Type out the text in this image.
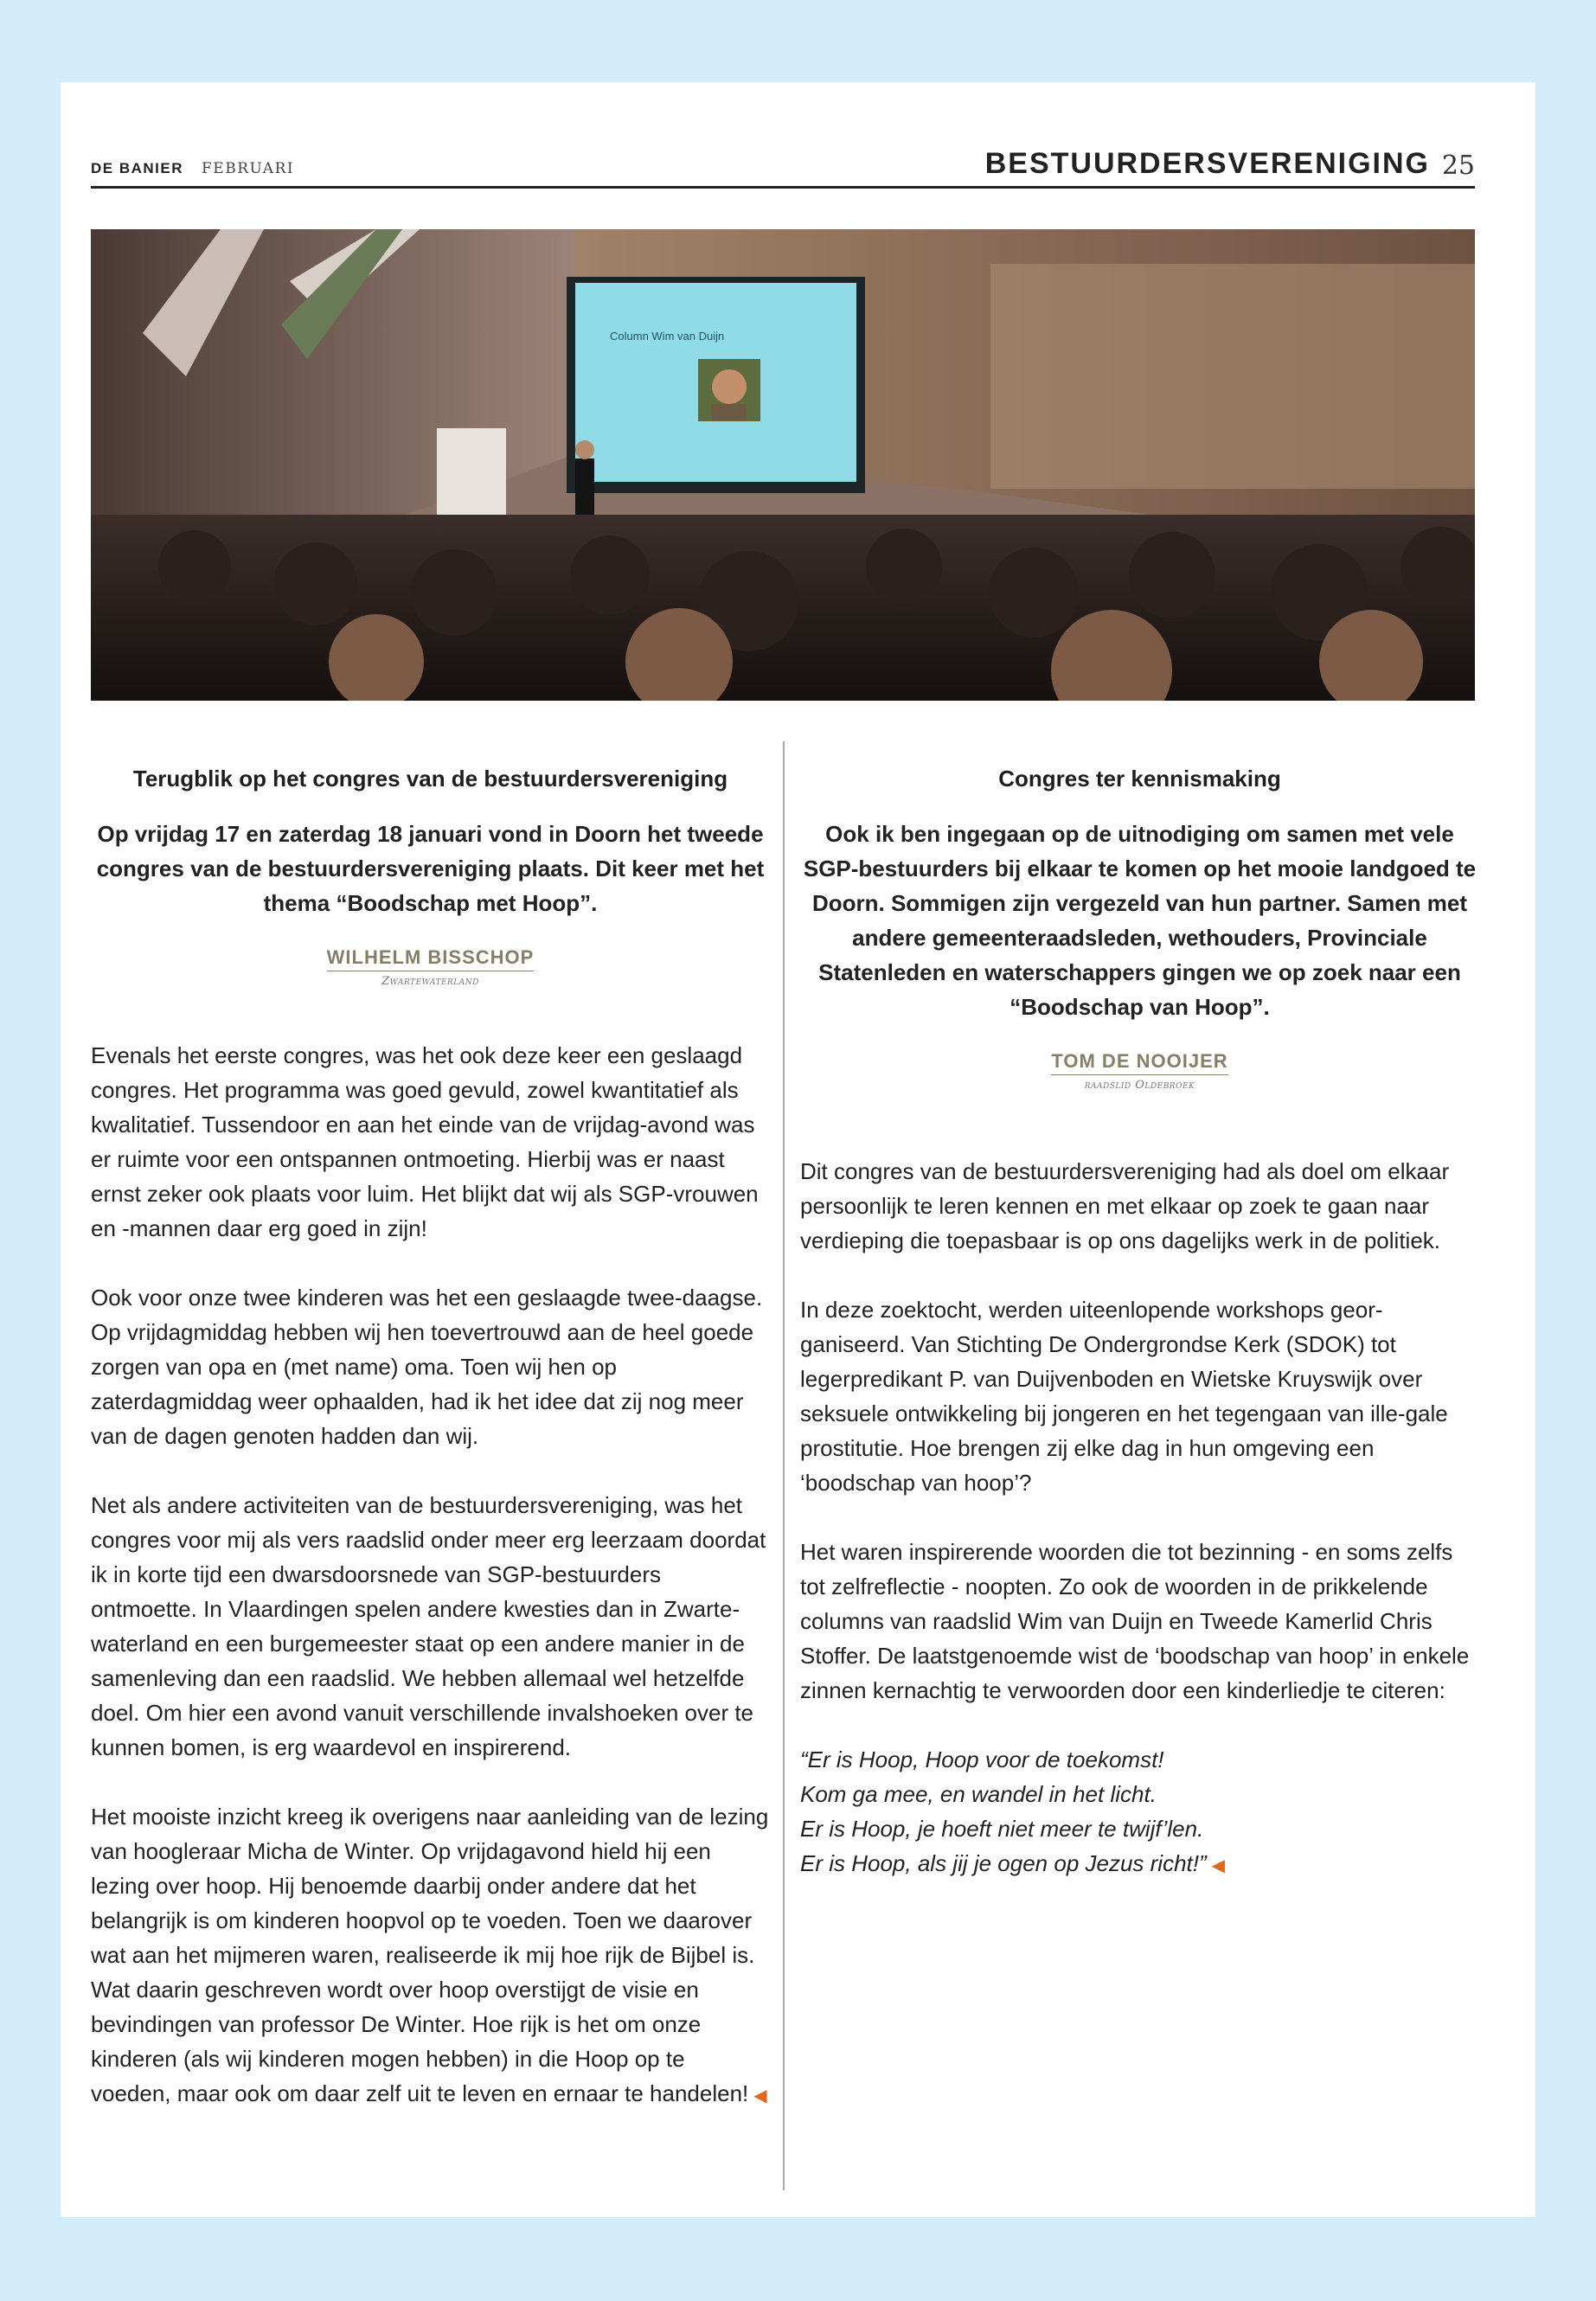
DE BANIER FEBRUARI	BESTUURDERSVERENIGING 25
Column Wim van Duijn
Terugblik op het congres van de bestuurdersvereniging

Op vrijdag 17 en zaterdag 18 januari vond in Doorn het tweede congres van de bestuurdersvereniging plaats. Dit keer met het thema “Boodschap met Hoop”.

WILHELM BISSCHOP
Zwartewaterland

Evenals het eerste congres, was het ook deze keer een geslaagd congres. Het programma was goed gevuld, zowel kwantitatief als kwalitatief. Tussendoor en aan het einde van de vrijdag-avond was er ruimte voor een ontspannen ontmoeting. Hierbij was er naast ernst zeker ook plaats voor luim. Het blijkt dat wij als SGP-vrouwen en -mannen daar erg goed in zijn!

Ook voor onze twee kinderen was het een geslaagde twee-daagse. Op vrijdagmiddag hebben wij hen toevertrouwd aan de heel goede zorgen van opa en (met name) oma. Toen wij hen op zaterdagmiddag weer ophaalden, had ik het idee dat zij nog meer van de dagen genoten hadden dan wij.

Net als andere activiteiten van de bestuurdersvereniging, was het congres voor mij als vers raadslid onder meer erg leerzaam doordat ik in korte tijd een dwarsdoorsnede van SGP-bestuurders ontmoette. In Vlaardingen spelen andere kwesties dan in Zwarte-waterland en een burgemeester staat op een andere manier in de samenleving dan een raadslid. We hebben allemaal wel hetzelfde doel. Om hier een avond vanuit verschillende invalshoeken over te kunnen bomen, is erg waardevol en inspirerend.

Het mooiste inzicht kreeg ik overigens naar aanleiding van de lezing van hoogleraar Micha de Winter. Op vrijdagavond hield hij een lezing over hoop. Hij benoemde daarbij onder andere dat het belangrijk is om kinderen hoopvol op te voeden. Toen we daarover wat aan het mijmeren waren, realiseerde ik mij hoe rijk de Bijbel is. Wat daarin geschreven wordt over hoop overstijgt de visie en bevindingen van professor De Winter. Hoe rijk is het om onze kinderen (als wij kinderen mogen hebben) in die Hoop op te voeden, maar ook om daar zelf uit te leven en ernaar te handelen! ◀

Congres ter kennismaking

Ook ik ben ingegaan op de uitnodiging om samen met vele SGP-bestuurders bij elkaar te komen op het mooie landgoed te Doorn. Sommigen zijn vergezeld van hun partner. Samen met andere gemeenteraadsleden, wethouders, Provinciale Statenleden en waterschappers gingen we op zoek naar een “Boodschap van Hoop”.

TOM DE NOOIJER
raadslid Oldebroek

Dit congres van de bestuurdersvereniging had als doel om elkaar persoonlijk te leren kennen en met elkaar op zoek te gaan naar verdieping die toepasbaar is op ons dagelijks werk in de politiek.

In deze zoektocht, werden uiteenlopende workshops geor-ganiseerd. Van Stichting De Ondergrondse Kerk (SDOK) tot legerpredikant P. van Duijvenboden en Wietske Kruyswijk over seksuele ontwikkeling bij jongeren en het tegengaan van ille-gale prostitutie. Hoe brengen zij elke dag in hun omgeving een ‘boodschap van hoop’?

Het waren inspirerende woorden die tot bezinning - en soms zelfs tot zelfreflectie - noopten. Zo ook de woorden in de prikkelende columns van raadslid Wim van Duijn en Tweede Kamerlid Chris Stoffer. De laatstgenoemde wist de ‘boodschap van hoop’ in enkele zinnen kernachtig te verwoorden door een kinderliedje te citeren:

“Er is Hoop, Hoop voor de toekomst!

Kom ga mee, en wandel in het licht.

Er is Hoop, je hoeft niet meer te twijf’len.

Er is Hoop, als jij je ogen op Jezus richt!” ◀
